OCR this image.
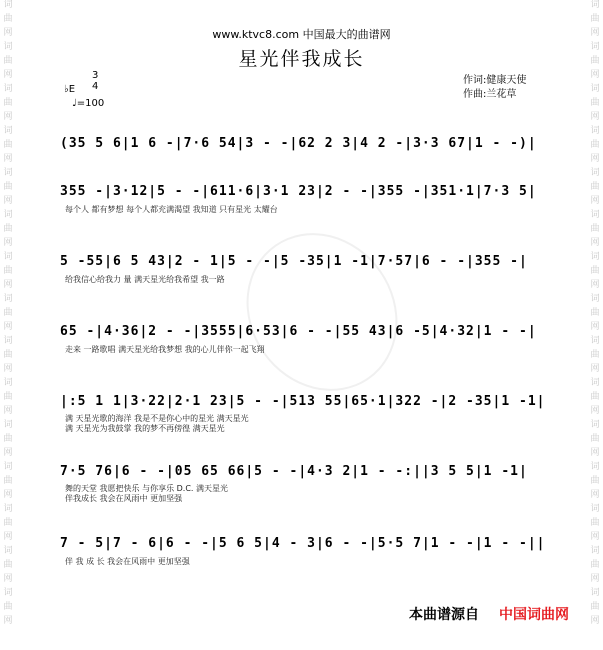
词
曲
网
词
曲
网
词
曲
网
词
曲
网
词
曲
网
词
曲
网
词
曲
网
词
曲
网
词
曲
网
词
曲
网
词
曲
网
词
曲
网
词
曲
网
词
曲
网
词
曲
网
词
曲
网
词
曲
网
词
曲
网
词
曲
网
词
曲
网
词
曲
网
词
曲
网
词
曲
网
词
曲
网
词
曲
网
词
曲
网
词
曲
网
词
曲
网
词
曲
网
词
曲
网
www.ktvc8.com 中国最大的曲谱网
星光伴我成长
3
4
♭E
♩=100
作词:健康天使
作曲:兰花草
(35 5 6|1 6 -|7·6 54|3 - -|62 2 3|4 2 -|3·3 67|1 - -)|
355 -|3·12|5 - -|611·6|3·1 23|2 - -|355 -|351·1|7·3 5|
每个人 都有梦想 每个人都充满渴望 我知道 只有星光 太耀台
5 -55|6 5 43|2 - 1|5 - -|5 -35|1 -1|7·57|6 - -|355 -|
给我信心给我力 量 满天星光给我希望 我一路
65 -|4·36|2 - -|3555|6·53|6 - -|55 43|6 -5|4·32|1 - -|
走来 一路歌唱 满天星光给我梦想 我的心儿伴你一起飞翔
|:5 1 1|3·22|2·1 23|5 - -|513 55|65·1|322 -|2 -35|1 -1|
满 天星光歌的海洋 我是不是你心中的星光 满天星光
满 天星光为我鼓掌 我的梦不再傍徨 满天星光
7·5 76|6 - -|05 65 66|5 - -|4·3 2|1 - -:||3 5 5|1 -1|
舞的天堂 我愿把快乐 与你享乐 D.C. 满天星光
伴我成长 我会在风雨中 更加坚强
7 - 5|7 - 6|6 - -|5 6 5|4 - 3|6 - -|5·5 7|1 - -|1 - -||
伴 我 成 长 我会在风雨中 更加坚强
本曲谱源自 中国词曲网
